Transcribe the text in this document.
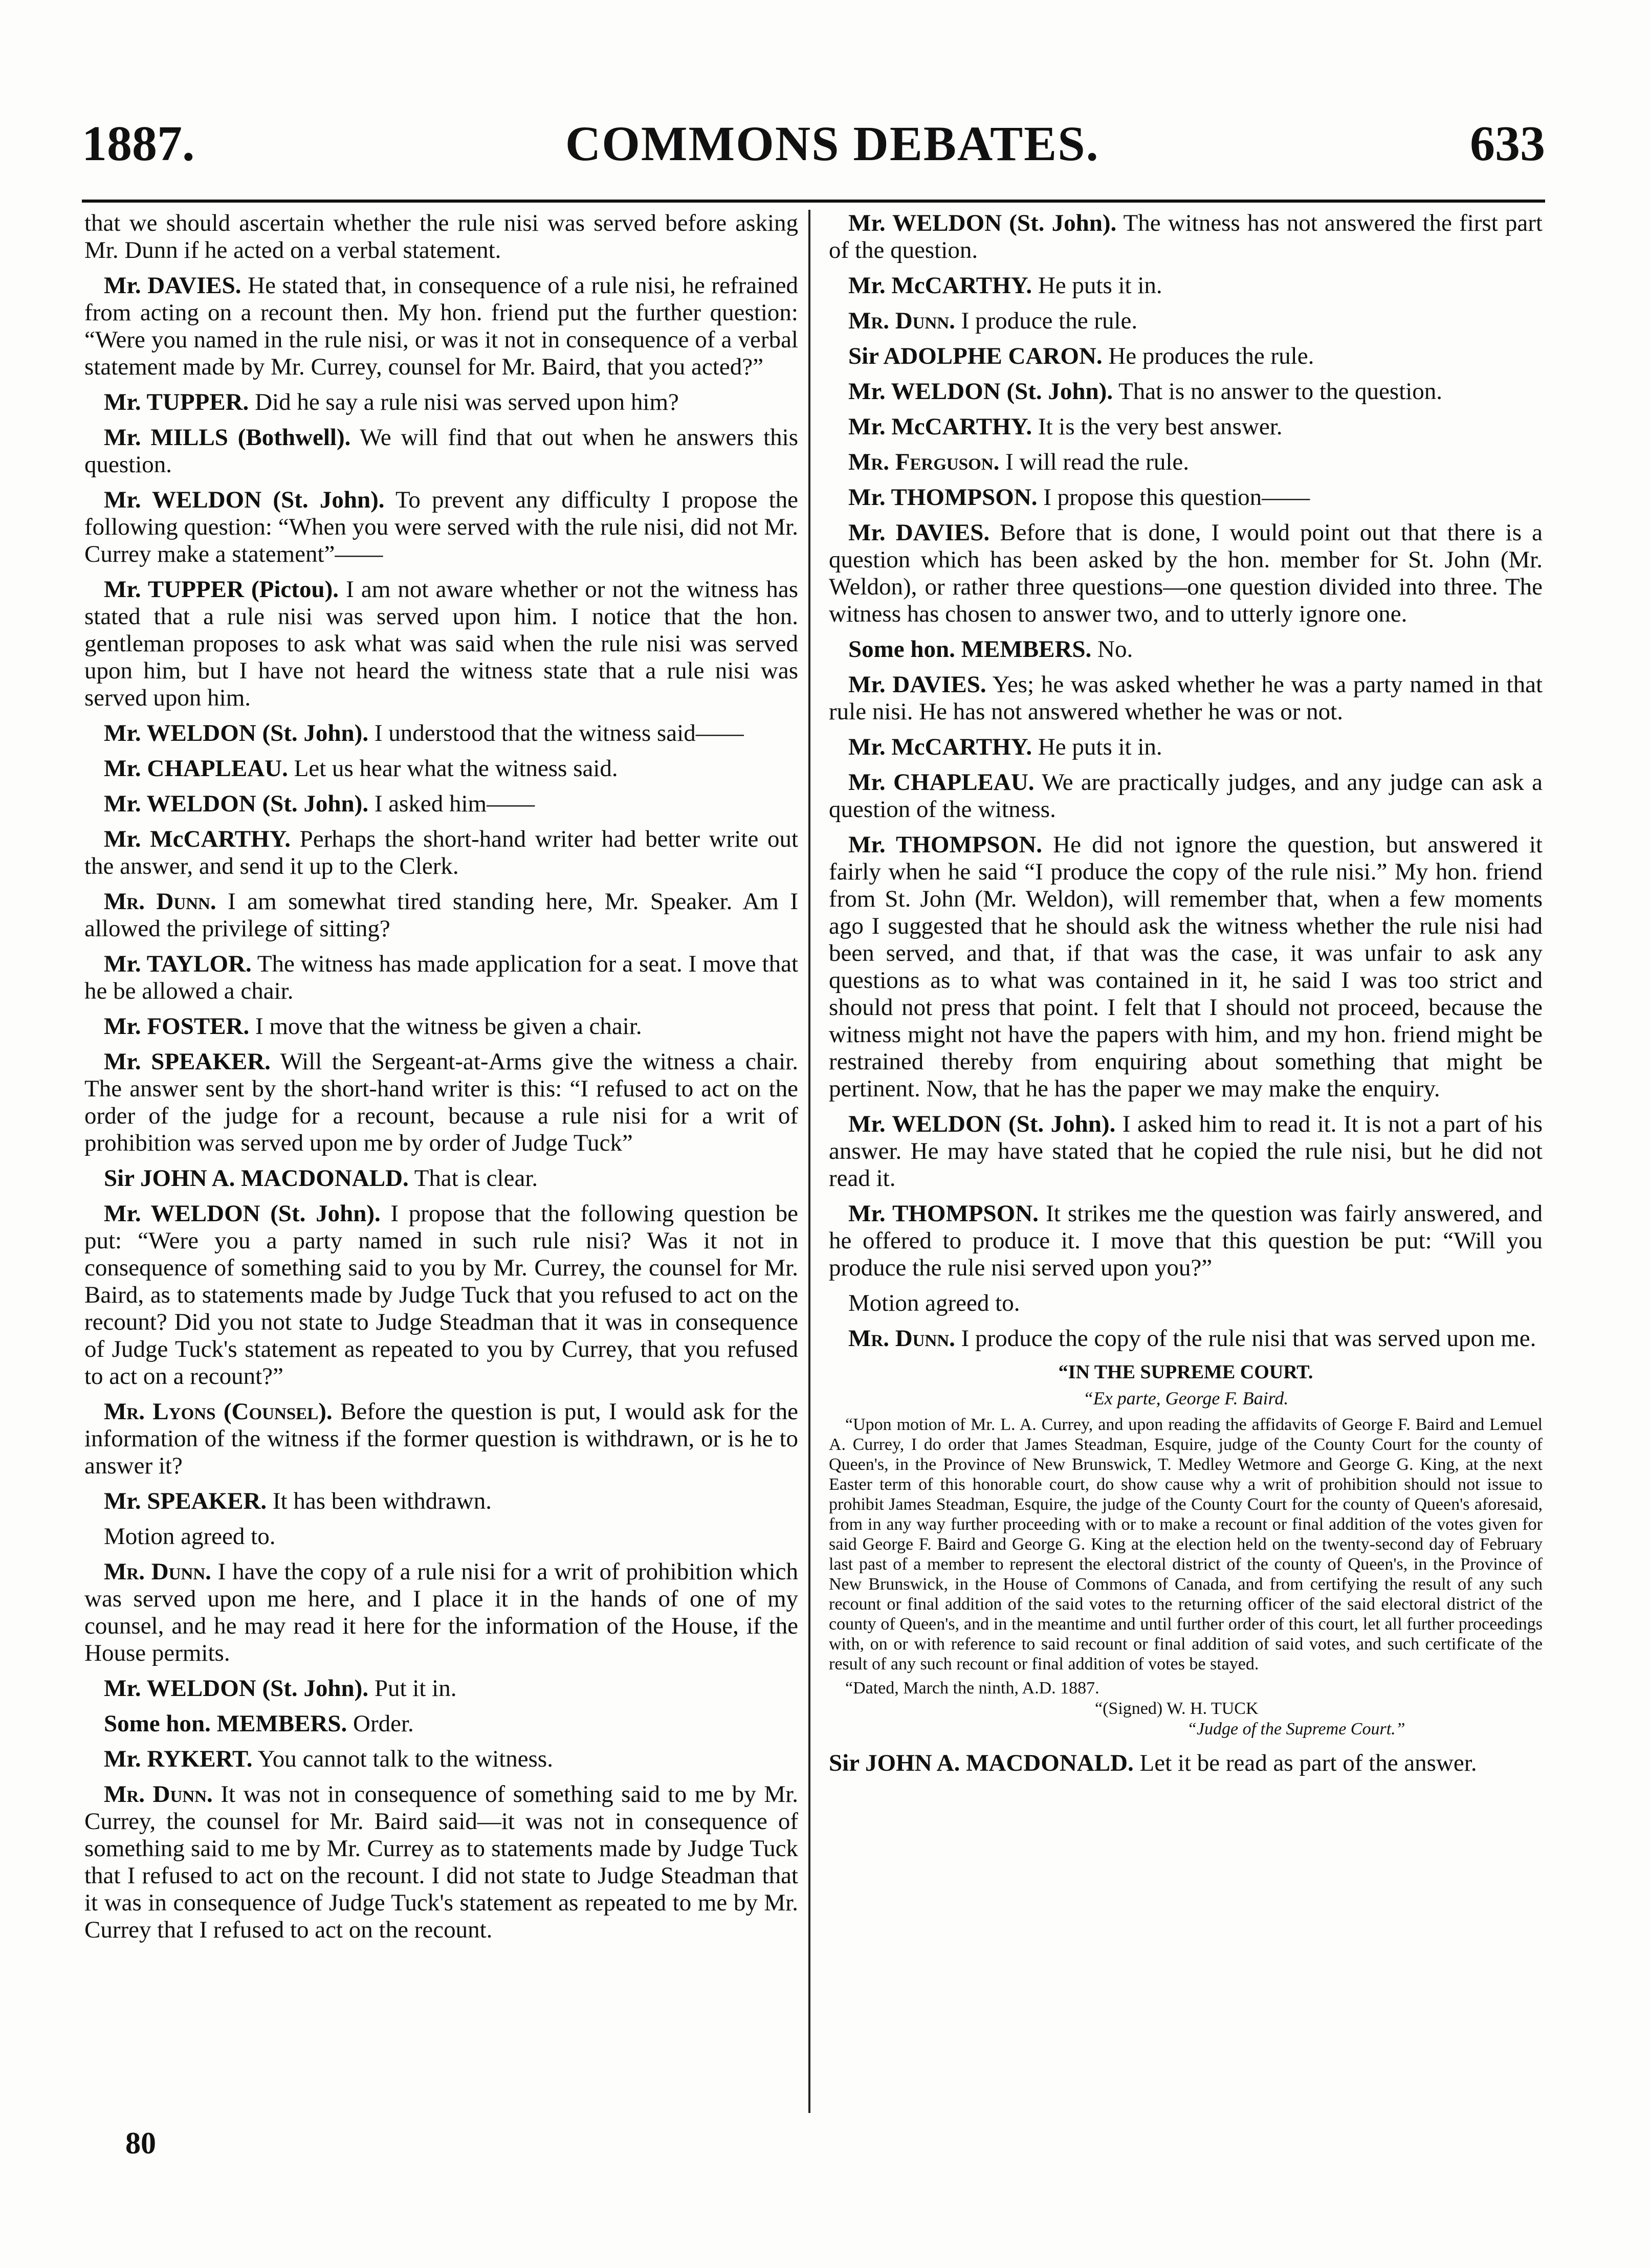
1887.	COMMONS DEBATES.	633

that we should ascertain whether the rule nisi was served before asking Mr. Dunn if he acted on a verbal statement.

Mr. DAVIES. He stated that, in consequence of a rule nisi, he refrained from acting on a recount then. My hon. friend put the further question: “Were you named in the rule nisi, or was it not in consequence of a verbal statement made by Mr. Currey, counsel for Mr. Baird, that you acted?”

Mr. TUPPER. Did he say a rule nisi was served upon him?

Mr. MILLS (Bothwell). We will find that out when he answers this question.

Mr. WELDON (St. John). To prevent any difficulty I propose the following question: “When you were served with the rule nisi, did not Mr. Currey make a statement”——

Mr. TUPPER (Pictou). I am not aware whether or not the witness has stated that a rule nisi was served upon him. I notice that the hon. gentleman proposes to ask what was said when the rule nisi was served upon him, but I have not heard the witness state that a rule nisi was served upon him.

Mr. WELDON (St. John). I understood that the witness said——

Mr. CHAPLEAU. Let us hear what the witness said.

Mr. WELDON (St. John). I asked him——

Mr. McCARTHY. Perhaps the short-hand writer had better write out the answer, and send it up to the Clerk.

Mr. Dunn. I am somewhat tired standing here, Mr. Speaker. Am I allowed the privilege of sitting?

Mr. TAYLOR. The witness has made application for a seat. I move that he be allowed a chair.

Mr. FOSTER. I move that the witness be given a chair.

Mr. SPEAKER. Will the Sergeant-at-Arms give the witness a chair. The answer sent by the short-hand writer is this: “I refused to act on the order of the judge for a recount, because a rule nisi for a writ of prohibition was served upon me by order of Judge Tuck”

Sir JOHN A. MACDONALD. That is clear.

Mr. WELDON (St. John). I propose that the following question be put: “Were you a party named in such rule nisi? Was it not in consequence of something said to you by Mr. Currey, the counsel for Mr. Baird, as to statements made by Judge Tuck that you refused to act on the recount? Did you not state to Judge Steadman that it was in consequence of Judge Tuck's statement as repeated to you by Currey, that you refused to act on a recount?”

Mr. Lyons (Counsel). Before the question is put, I would ask for the information of the witness if the former question is withdrawn, or is he to answer it?

Mr. SPEAKER. It has been withdrawn.

Motion agreed to.

Mr. Dunn. I have the copy of a rule nisi for a writ of prohibition which was served upon me here, and I place it in the hands of one of my counsel, and he may read it here for the information of the House, if the House permits.

Mr. WELDON (St. John). Put it in.

Some hon. MEMBERS. Order.

Mr. RYKERT. You cannot talk to the witness.

Mr. Dunn. It was not in consequence of something said to me by Mr. Currey, the counsel for Mr. Baird said—it was not in consequence of something said to me by Mr. Currey as to statements made by Judge Tuck that I refused to act on the recount. I did not state to Judge Steadman that it was in consequence of Judge Tuck's statement as repeated to me by Mr. Currey that I refused to act on the recount.

Mr. WELDON (St. John). The witness has not answered the first part of the question.

Mr. McCARTHY. He puts it in.

Mr. Dunn. I produce the rule.

Sir ADOLPHE CARON. He produces the rule.

Mr. WELDON (St. John). That is no answer to the question.

Mr. McCARTHY. It is the very best answer.

Mr. Ferguson. I will read the rule.

Mr. THOMPSON. I propose this question——

Mr. DAVIES. Before that is done, I would point out that there is a question which has been asked by the hon. member for St. John (Mr. Weldon), or rather three questions—one question divided into three. The witness has chosen to answer two, and to utterly ignore one.

Some hon. MEMBERS. No.

Mr. DAVIES. Yes; he was asked whether he was a party named in that rule nisi. He has not answered whether he was or not.

Mr. McCARTHY. He puts it in.

Mr. CHAPLEAU. We are practically judges, and any judge can ask a question of the witness.

Mr. THOMPSON. He did not ignore the question, but answered it fairly when he said “I produce the copy of the rule nisi.” My hon. friend from St. John (Mr. Weldon), will remember that, when a few moments ago I suggested that he should ask the witness whether the rule nisi had been served, and that, if that was the case, it was unfair to ask any questions as to what was contained in it, he said I was too strict and should not press that point. I felt that I should not proceed, because the witness might not have the papers with him, and my hon. friend might be restrained thereby from enquiring about something that might be pertinent. Now, that he has the paper we may make the enquiry.

Mr. WELDON (St. John). I asked him to read it. It is not a part of his answer. He may have stated that he copied the rule nisi, but he did not read it.

Mr. THOMPSON. It strikes me the question was fairly answered, and he offered to produce it. I move that this question be put: “Will you produce the rule nisi served upon you?”

Motion agreed to.

Mr. Dunn. I produce the copy of the rule nisi that was served upon me.

“IN THE SUPREME COURT.

“Ex parte, George F. Baird.

“Upon motion of Mr. L. A. Currey, and upon reading the affidavits of George F. Baird and Lemuel A. Currey, I do order that James Steadman, Esquire, judge of the County Court for the county of Queen's, in the Province of New Brunswick, T. Medley Wetmore and George G. King, at the next Easter term of this honorable court, do show cause why a writ of prohibition should not issue to prohibit James Steadman, Esquire, the judge of the County Court for the county of Queen's aforesaid, from in any way further proceeding with or to make a recount or final addition of the votes given for said George F. Baird and George G. King at the election held on the twenty-second day of February last past of a member to represent the electoral district of the county of Queen's, in the Province of New Brunswick, in the House of Commons of Canada, and from certifying the result of any such recount or final addition of the said votes to the returning officer of the said electoral district of the county of Queen's, and in the meantime and until further order of this court, let all further proceedings with, on or with reference to said recount or final addition of said votes, and such certificate of the result of any such recount or final addition of votes be stayed.

“Dated, March the ninth, A.D. 1887.

“(Signed) W. H. TUCK

“Judge of the Supreme Court.”

Sir JOHN A. MACDONALD. Let it be read as part of the answer.

80
